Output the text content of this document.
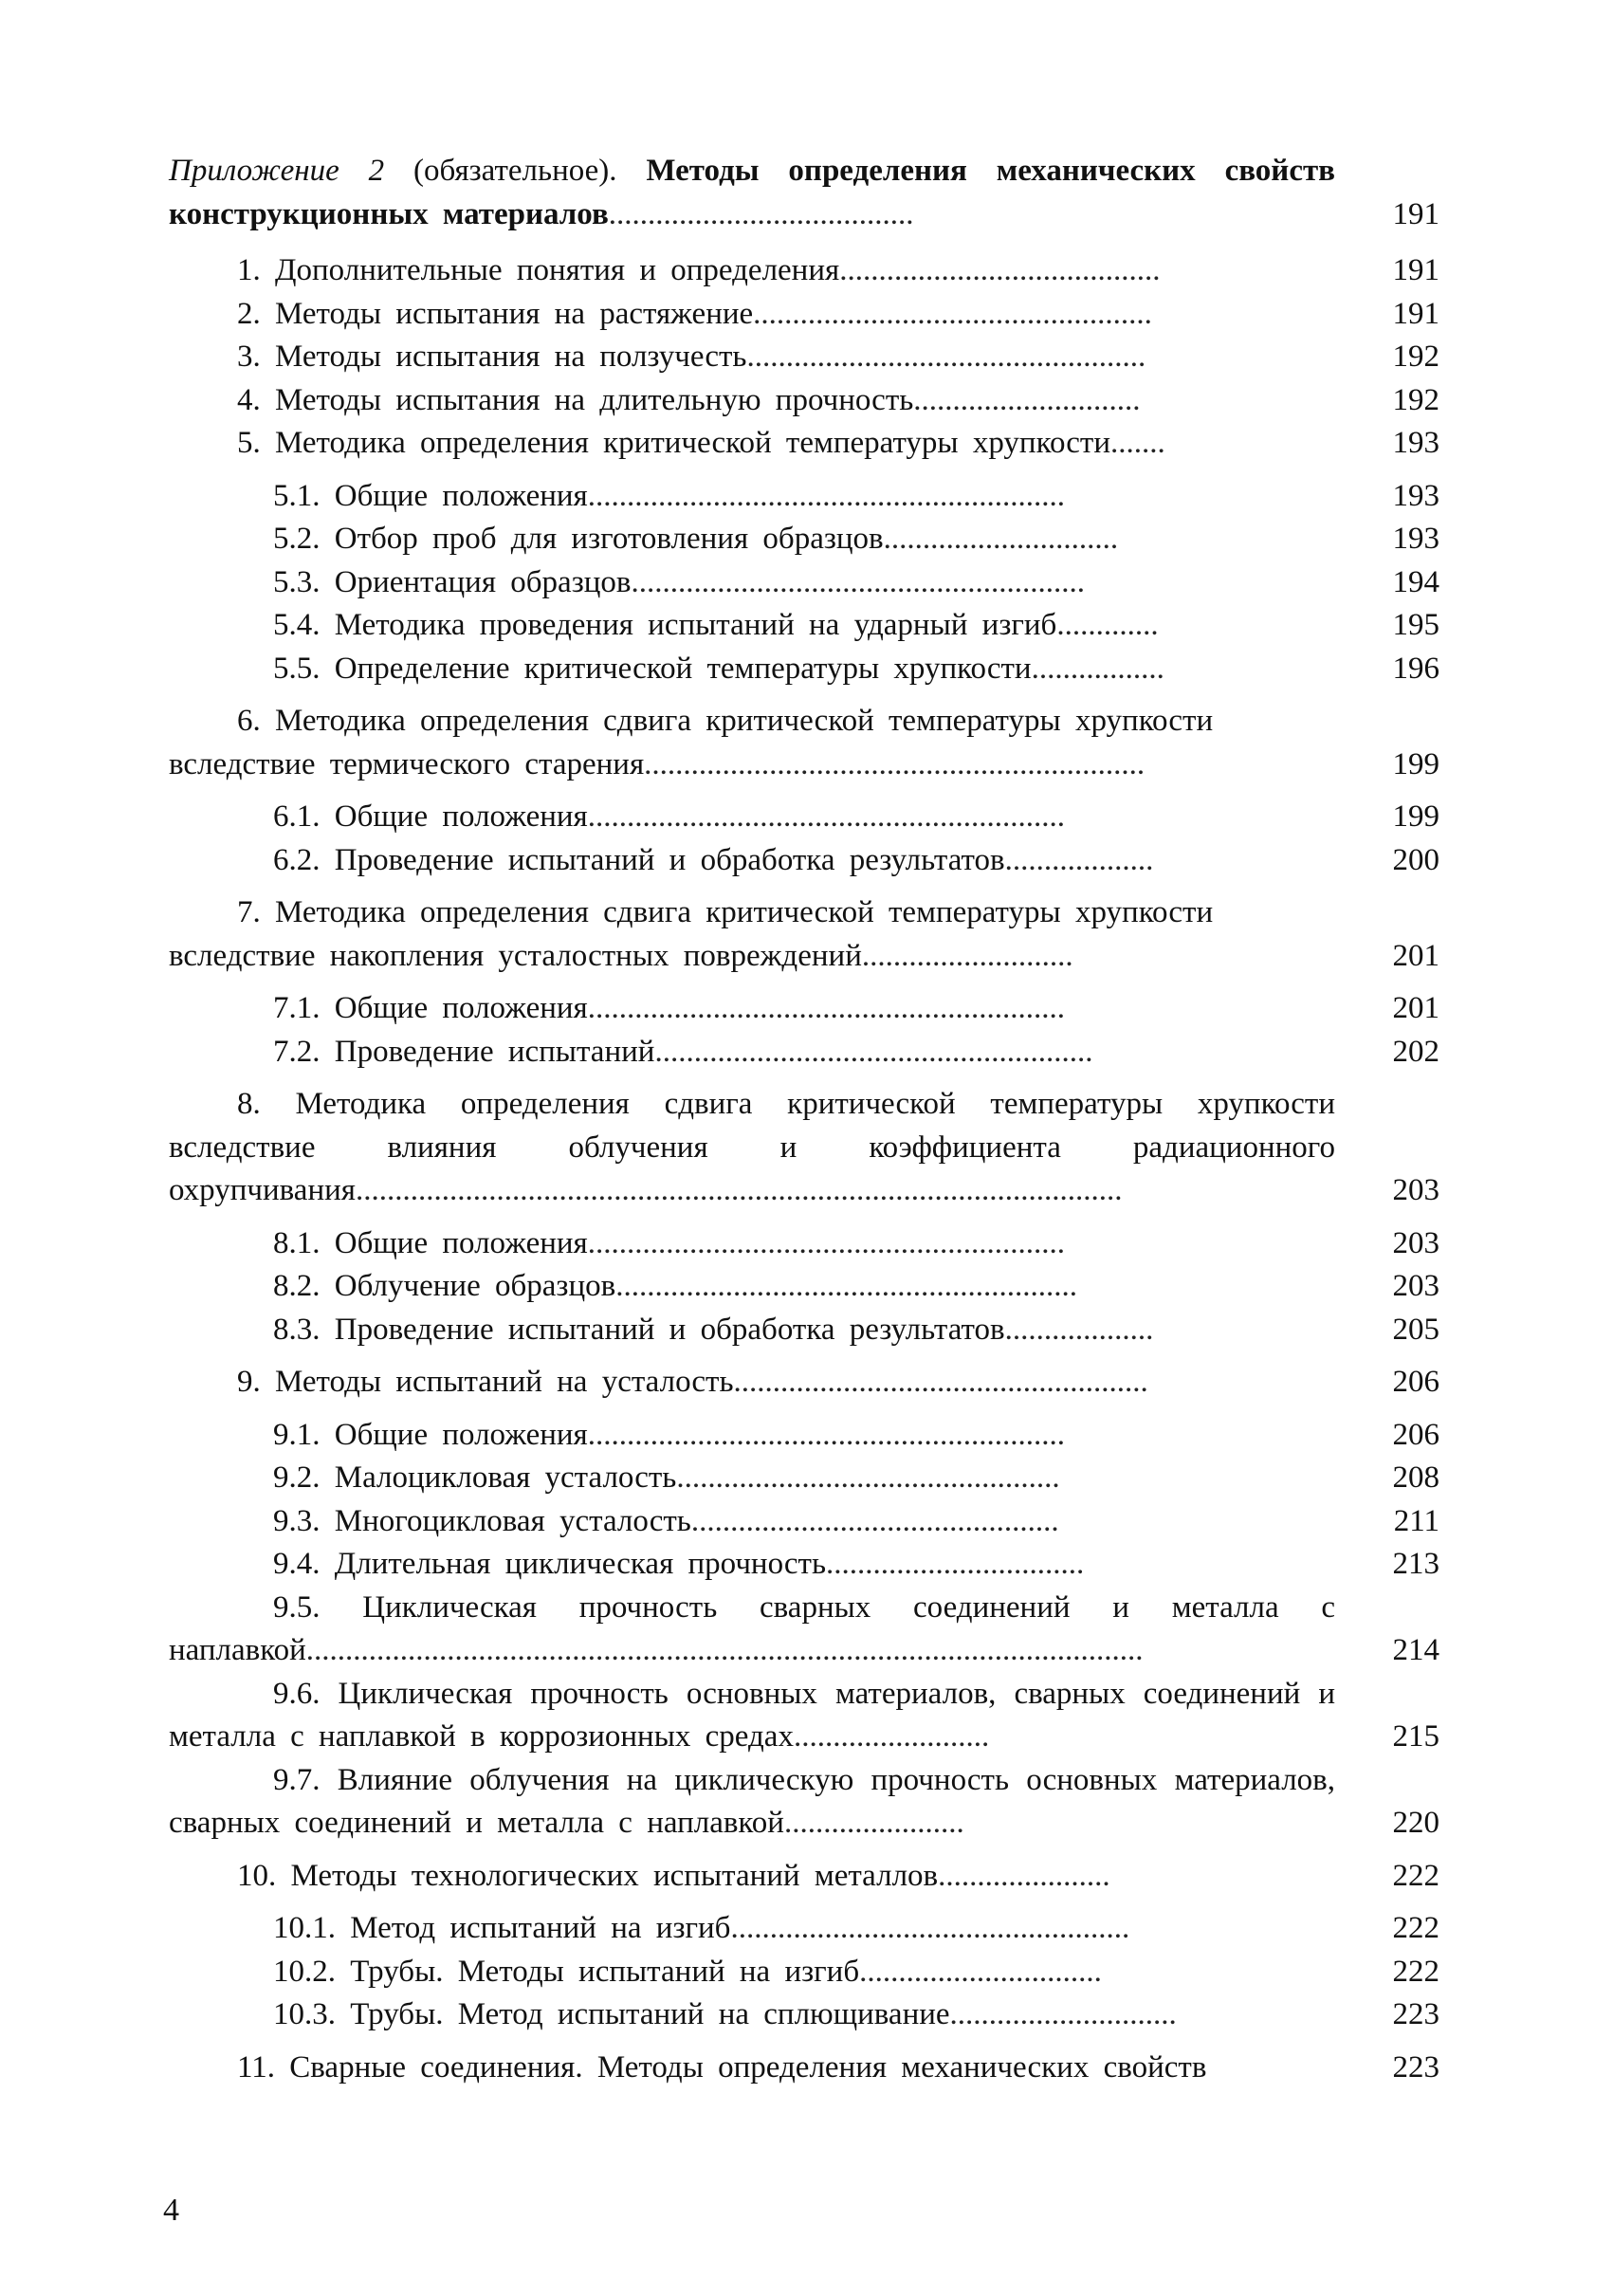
Приложение 2 (обязательное). Методы определения механических свойств конструкционных материалов.......................................	191
1. Дополнительные понятия и определения.........................................	191
2. Методы испытания на растяжение...................................................	191
3. Методы испытания на ползучесть...................................................	192
4. Методы испытания на длительную прочность.............................	192
5. Методика определения критической температуры хрупкости.......	193
5.1. Общие положения.............................................................	193
5.2. Отбор проб для изготовления образцов..............................	193
5.3. Ориентация образцов..........................................................	194
5.4. Методика проведения испытаний на ударный изгиб.............	195
5.5. Определение критической температуры хрупкости.................	196
6. Методика определения сдвига критической температуры хрупкости вследствие термического старения................................................................	199
6.1. Общие положения.............................................................	199
6.2. Проведение испытаний и обработка результатов...................	200
7. Методика определения сдвига критической температуры хрупкости вследствие накопления усталостных повреждений...........................	201
7.1. Общие положения.............................................................	201
7.2. Проведение испытаний........................................................	202
8. Методика определения сдвига критической температуры хрупкости вследствие влияния облучения и коэффициента радиационного охрупчивания..................................................................................................	203
8.1. Общие положения.............................................................	203
8.2. Облучение образцов...........................................................	203
8.3. Проведение испытаний и обработка результатов...................	205
9. Методы испытаний на усталость.....................................................	206
9.1. Общие положения.............................................................	206
9.2. Малоцикловая усталость.................................................	208
9.3. Многоцикловая усталость...............................................	211
9.4. Длительная циклическая прочность.................................	213
9.5. Циклическая прочность сварных соединений и металла с наплавкой...........................................................................................................	214
9.6. Циклическая прочность основных материалов, сварных соединений и металла с наплавкой в коррозионных средах.........................	215
9.7. Влияние облучения на циклическую прочность основных материалов, сварных соединений и металла с наплавкой.......................	220
10. Методы технологических испытаний металлов......................	222
10.1. Метод испытаний на изгиб...................................................	222
10.2. Трубы. Методы испытаний на изгиб...............................	222
10.3. Трубы. Метод испытаний на сплющивание.............................	223
11. Сварные соединения. Методы определения механических свойств	223
4
